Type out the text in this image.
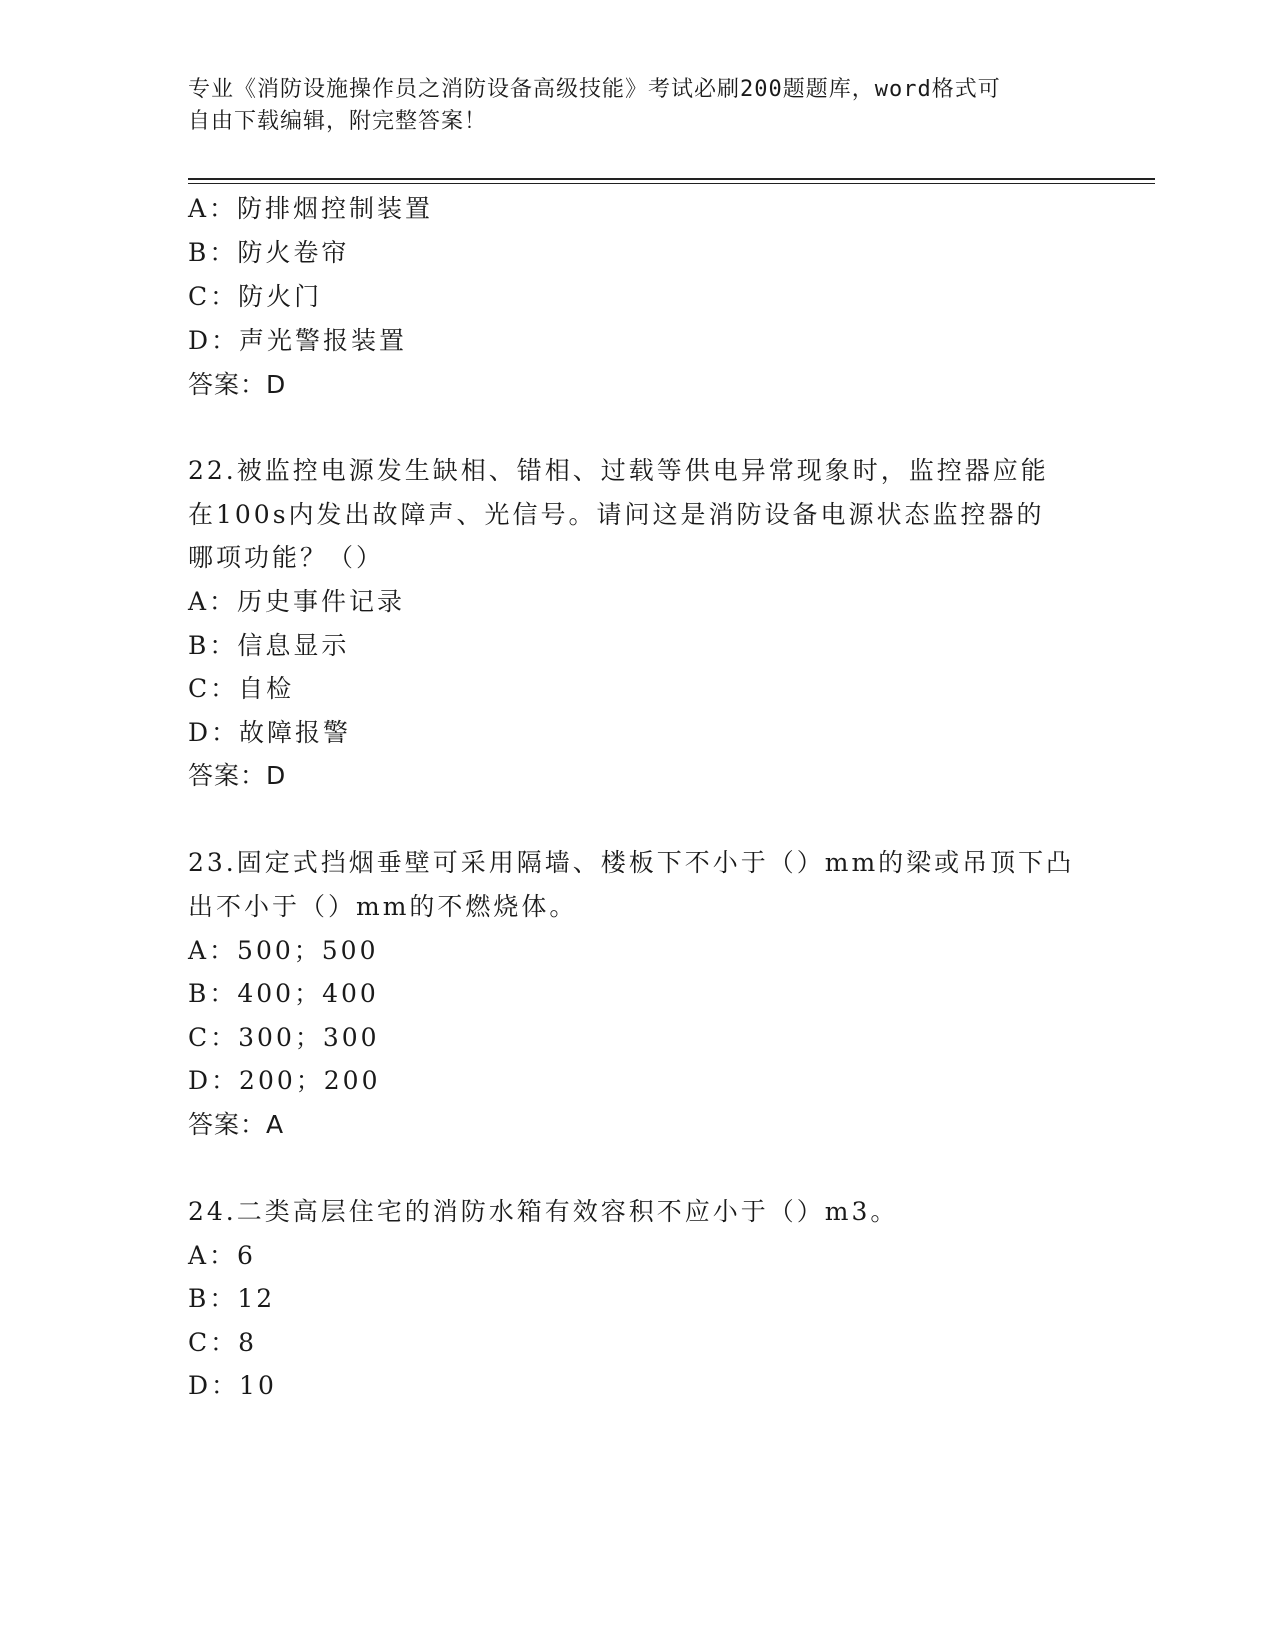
专业《消防设施操作员之消防设备高级技能》考试必刷200题题库，word格式可

自由下载编辑，附完整答案！

A：防排烟控制装置
B：防火卷帘
C：防火门
D：声光警报装置
答案：D
22.被监控电源发生缺相、错相、过载等供电异常现象时，监控器应能
在100s内发出故障声、光信号。请问这是消防设备电源状态监控器的
哪项功能？（）
A：历史事件记录
B：信息显示
C：自检
D：故障报警
答案：D
23.固定式挡烟垂壁可采用隔墙、楼板下不小于（）mm的梁或吊顶下凸
出不小于（）mm的不燃烧体。
A：500；500
B：400；400
C：300；300
D：200；200
答案：A
24.二类高层住宅的消防水箱有效容积不应小于（）m3。
A：6
B：12
C：8
D：10
